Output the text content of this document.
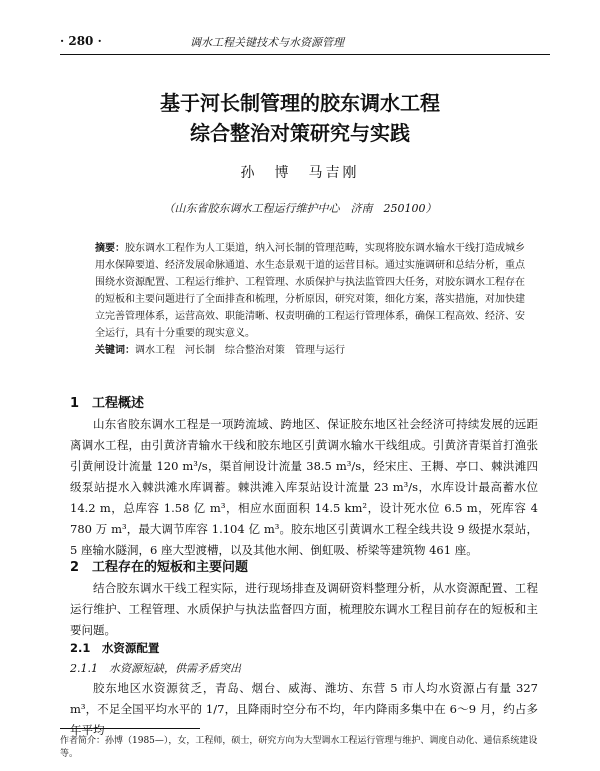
· 280 ·	调水工程关键技术与水资源管理
基于河长制管理的胶东调水工程
综合整治对策研究与实践
孙　博　马吉刚
（山东省胶东调水工程运行维护中心　济南　250100）
摘要：胶东调水工程作为人工渠道，纳入河长制的管理范畴，实现将胶东调水输水干线打造成城乡用水保障要道、经济发展命脉通道、水生态景观干道的运营目标。通过实施调研和总结分析，重点围绕水资源配置、工程运行维护、工程管理、水质保护与执法监管四大任务，对胶东调水工程存在的短板和主要问题进行了全面排查和梳理，分析原因，研究对策，细化方案，落实措施，对加快建立完善管理体系，运营高效、职能清晰、权责明确的工程运行管理体系，确保工程高效、经济、安全运行，具有十分重要的现实意义。
关键词：调水工程　河长制　综合整治对策　管理与运行
1　工程概述

山东省胶东调水工程是一项跨流域、跨地区、保证胶东地区社会经济可持续发展的远距离调水工程，由引黄济青输水干线和胶东地区引黄调水输水干线组成。引黄济青渠首打渔张引黄闸设计流量 120 m³/s，渠首闸设计流量 38.5 m³/s，经宋庄、王耨、亭口、棘洪滩四级泵站提水入棘洪滩水库调蓄。棘洪滩入库泵站设计流量 23 m³/s，水库设计最高蓄水位 14.2 m，总库容 1.58 亿 m³，相应水面面积 14.5 km²，设计死水位 6.5 m，死库容 4 780 万 m³，最大调节库容 1.104 亿 m³。胶东地区引黄调水工程全线共设 9 级提水泵站，5 座输水隧洞，6 座大型渡槽，以及其他水闸、倒虹吸、桥梁等建筑物 461 座。

2　工程存在的短板和主要问题

结合胶东调水干线工程实际，进行现场排查及调研资料整理分析，从水资源配置、工程运行维护、工程管理、水质保护与执法监督四方面，梳理胶东调水工程目前存在的短板和主要问题。

2.1　水资源配置
2.1.1　水资源短缺，供需矛盾突出

胶东地区水资源贫乏，青岛、烟台、威海、潍坊、东营 5 市人均水资源占有量 327 m³，不足全国平均水平的 1/7，且降雨时空分布不均，年内降雨多集中在 6～9 月，约占多年平均

作者简介：孙博（1985—），女，工程师，硕士，研究方向为大型调水工程运行管理与维护、调度自动化、通信系统建设等。
